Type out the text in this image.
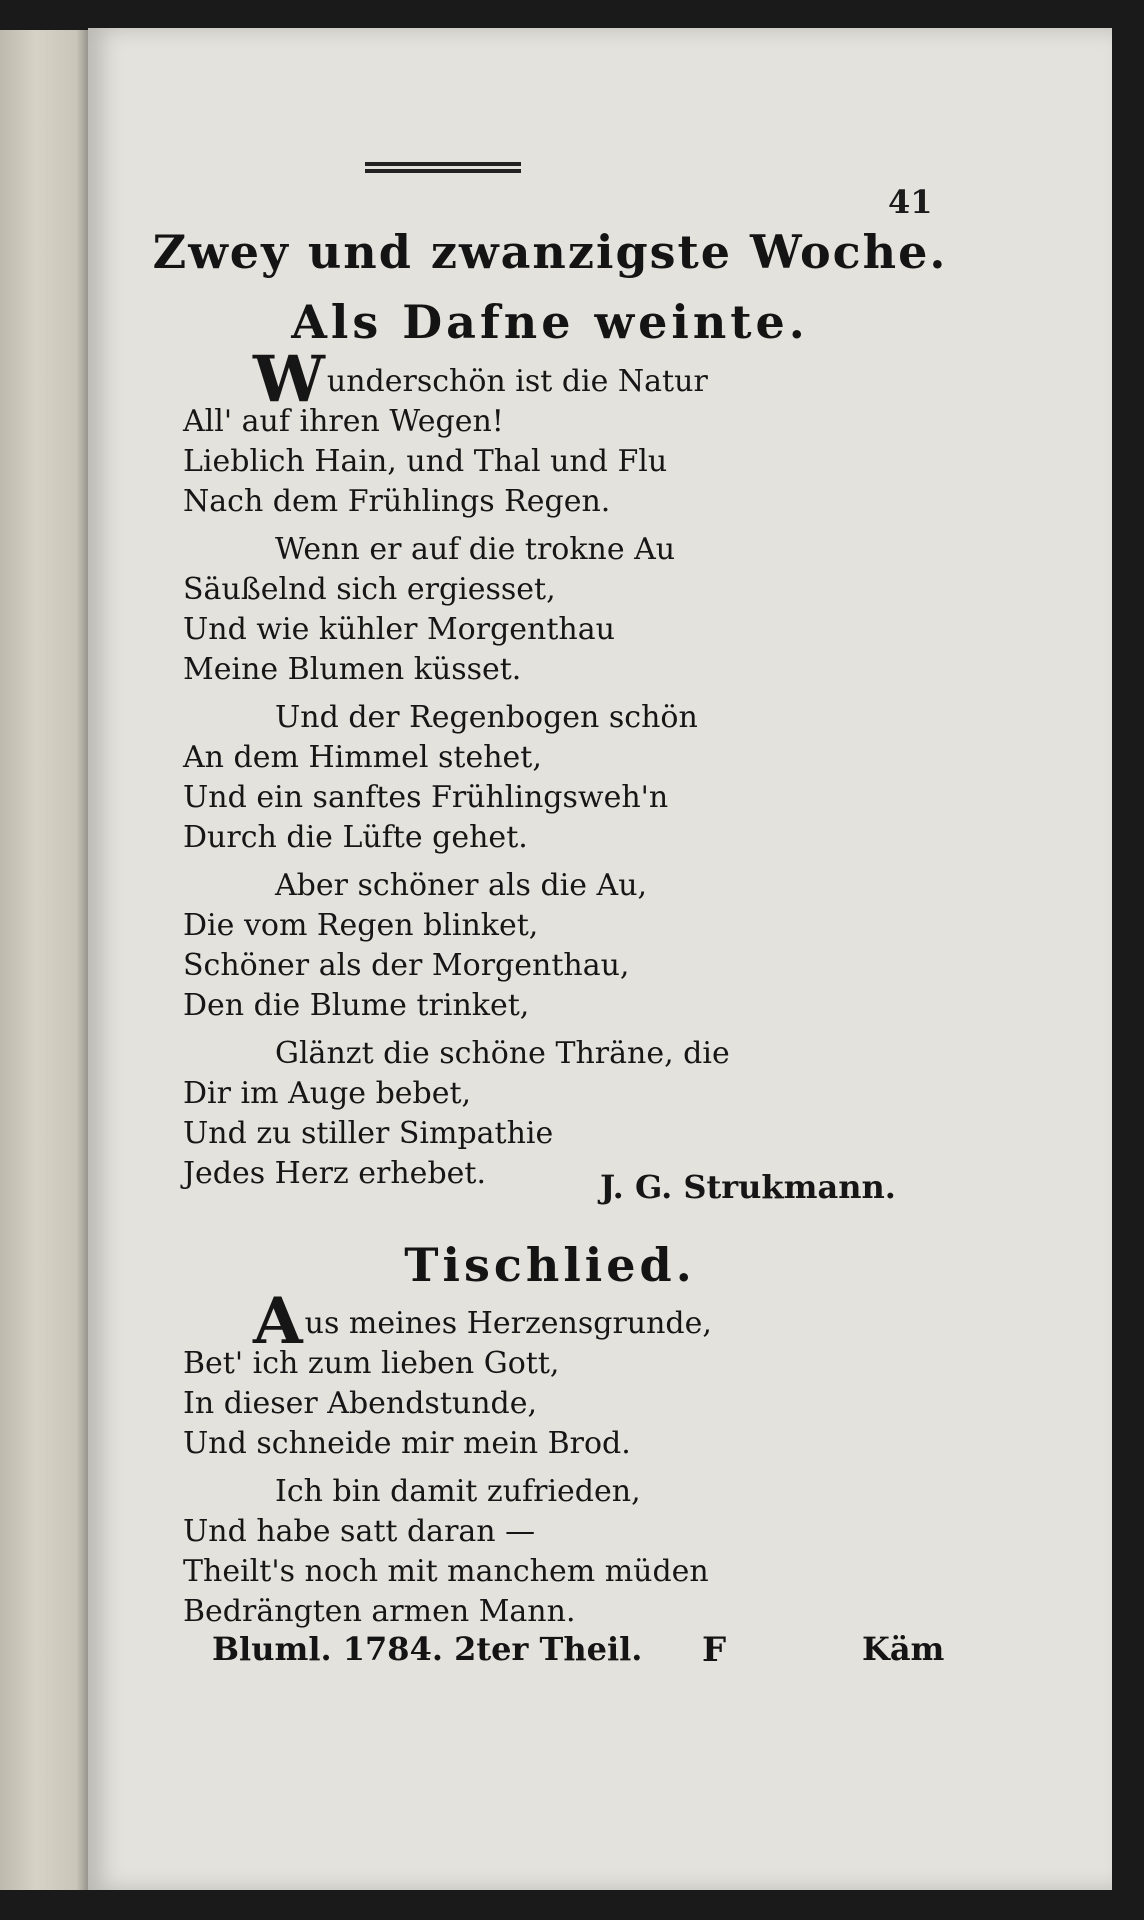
41
Zwey und zwanzigste Woche.
Als Dafne weinte.
Wunderschön ist die Natur
All' auf ihren Wegen!
Lieblich Hain, und Thal und Flu
Nach dem Frühlings Regen.
Wenn er auf die trokne Au
Säußelnd sich ergiesset,
Und wie kühler Morgenthau
Meine Blumen küsset.
Und der Regenbogen schön
An dem Himmel stehet,
Und ein sanftes Frühlingsweh'n
Durch die Lüfte gehet.
Aber schöner als die Au,
Die vom Regen blinket,
Schöner als der Morgenthau,
Den die Blume trinket,
Glänzt die schöne Thräne, die
Dir im Auge bebet,
Und zu stiller Simpathie
Jedes Herz erhebet.	J. G. Strukmann.
Tischlied.
Aus meines Herzensgrunde,
Bet' ich zum lieben Gott,
In dieser Abendstunde,
Und schneide mir mein Brod.
Ich bin damit zufrieden,
Und habe satt daran —
Theilt's noch mit manchem müden
Bedrängten armen Mann.
Bluml. 1784. 2ter Theil. F	Käm
